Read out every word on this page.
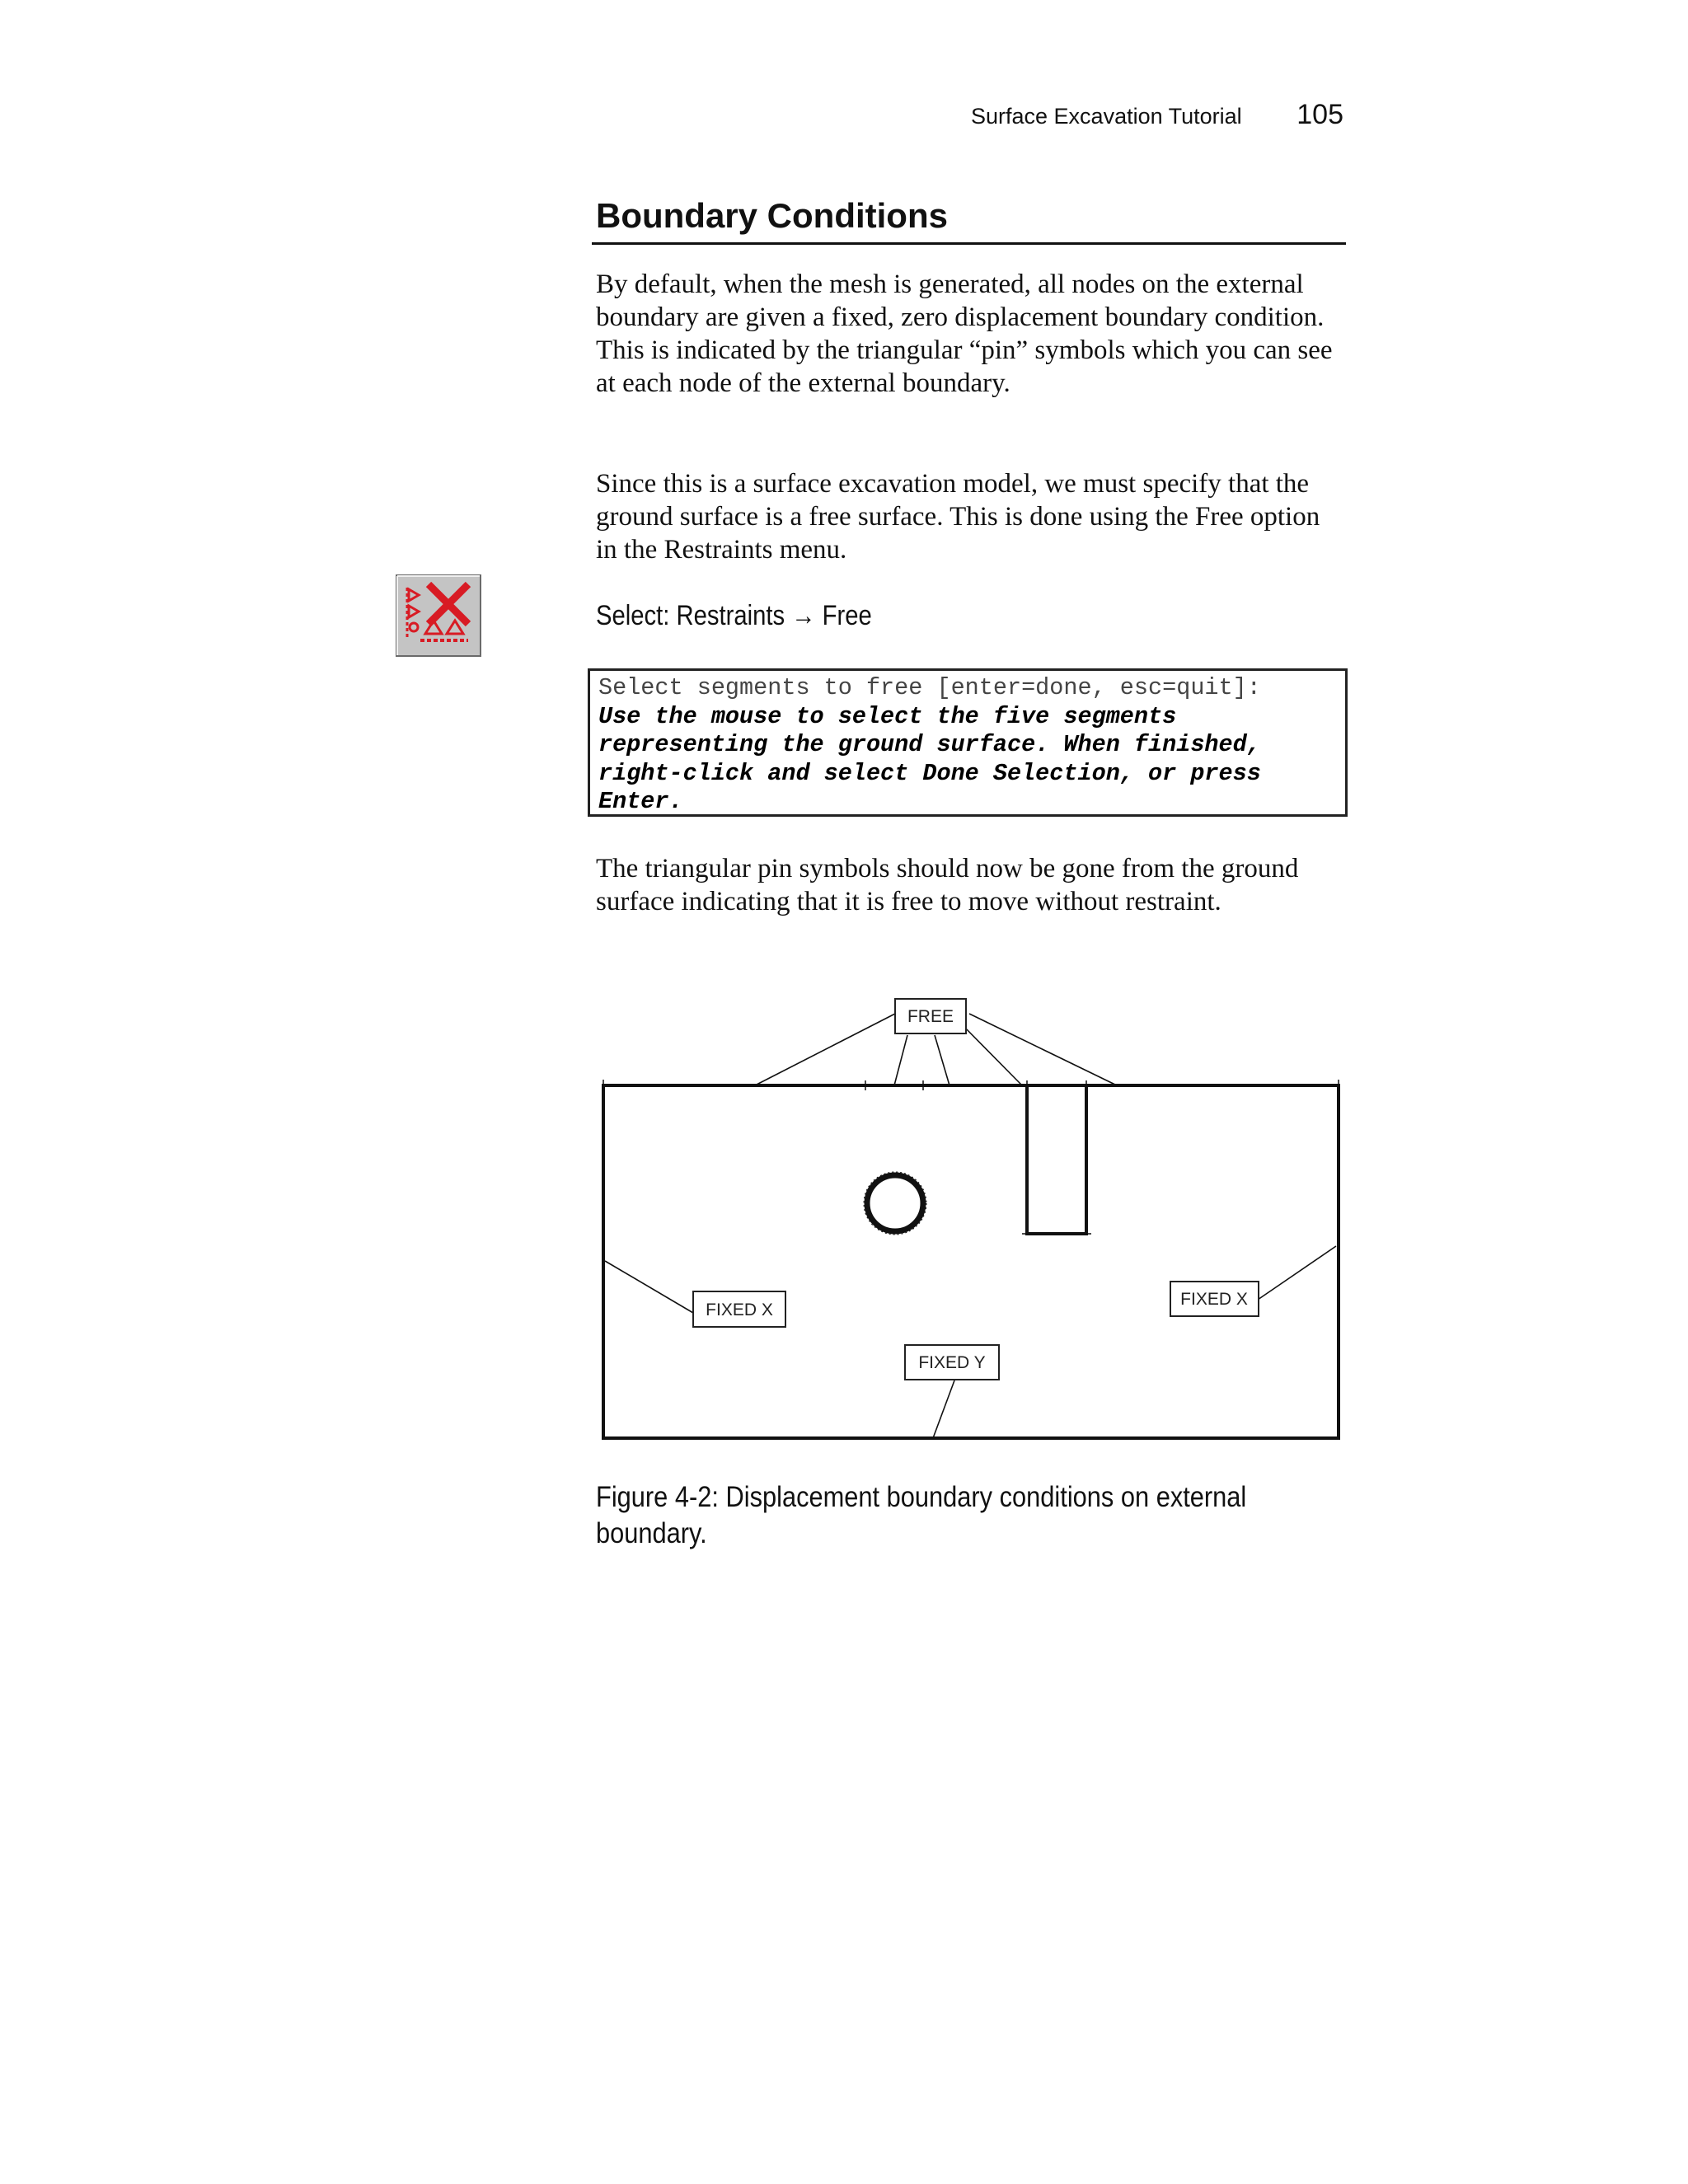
Surface Excavation Tutorial 105
Boundary Conditions

By default, when the mesh is generated, all nodes on the external boundary are given a fixed, zero displacement boundary condition. This is indicated by the triangular “pin” symbols which you can see at each node of the external boundary.

Since this is a surface excavation model, we must specify that the ground surface is a free surface. This is done using the Free option in the Restraints menu.

Select: Restraints → Free
Select segments to free [enter=done, esc=quit]:
Use the mouse to select the five segments representing the ground surface. When finished, right-click and select Done Selection, or press Enter.

The triangular pin symbols should now be gone from the ground surface indicating that it is free to move without restraint.

FREE
FIXED X
FIXED X
FIXED Y

Figure 4-2: Displacement boundary conditions on external boundary.
